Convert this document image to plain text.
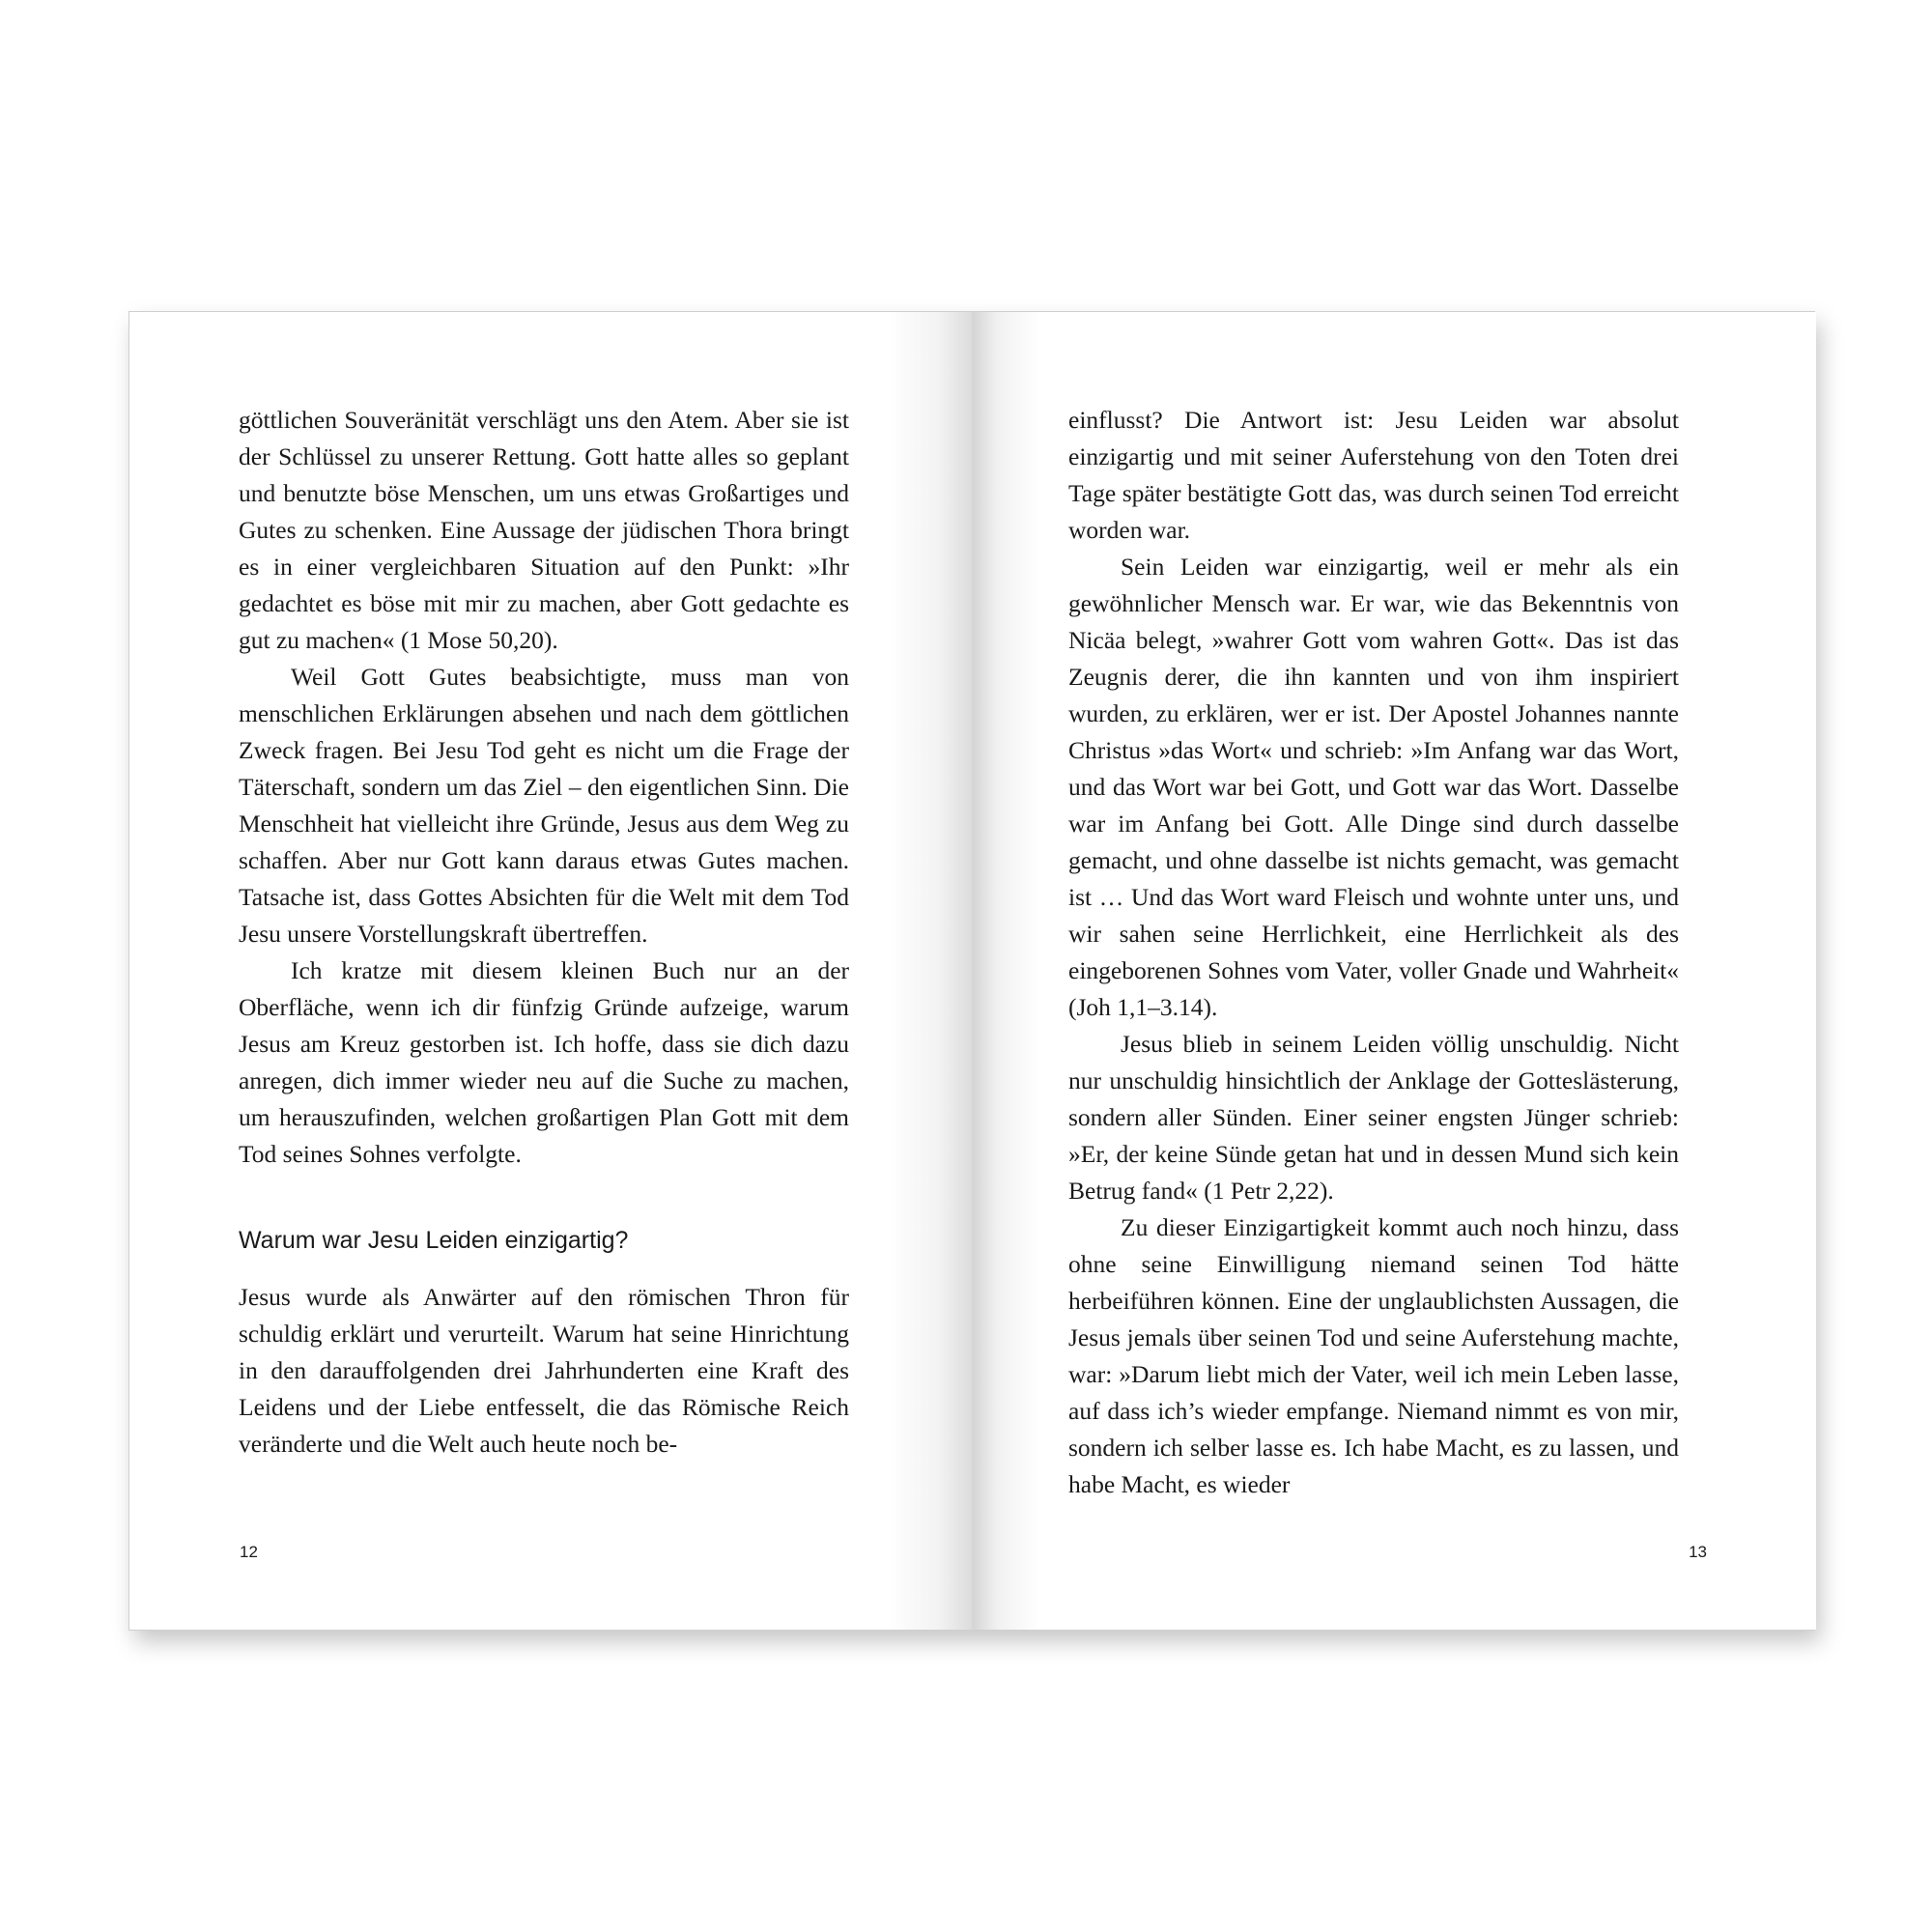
göttlichen Souveränität verschlägt uns den Atem. Aber sie ist der Schlüssel zu unserer Rettung. Gott hatte alles so geplant und benutzte böse Menschen, um uns etwas Großartiges und Gutes zu schenken. Eine Aussage der jüdischen Thora bringt es in einer vergleichbaren Situation auf den Punkt: »Ihr gedachtet es böse mit mir zu machen, aber Gott gedachte es gut zu machen« (1 Mose 50,20).

Weil Gott Gutes beabsichtigte, muss man von menschlichen Erklärungen absehen und nach dem göttlichen Zweck fragen. Bei Jesu Tod geht es nicht um die Frage der Täterschaft, sondern um das Ziel – den eigentlichen Sinn. Die Menschheit hat vielleicht ihre Gründe, Jesus aus dem Weg zu schaffen. Aber nur Gott kann daraus etwas Gutes machen. Tatsache ist, dass Gottes Absichten für die Welt mit dem Tod Jesu unsere Vorstellungskraft übertreffen.

Ich kratze mit diesem kleinen Buch nur an der Oberfläche, wenn ich dir fünfzig Gründe aufzeige, warum Jesus am Kreuz gestorben ist. Ich hoffe, dass sie dich dazu anregen, dich immer wieder neu auf die Suche zu machen, um herauszufinden, welchen großartigen Plan Gott mit dem Tod seines Sohnes verfolgte.

Warum war Jesu Leiden einzigartig?

Jesus wurde als Anwärter auf den römischen Thron für schuldig erklärt und verurteilt. Warum hat seine Hinrichtung in den darauffolgenden drei Jahrhunderten eine Kraft des Leidens und der Liebe entfesselt, die das Römische Reich veränderte und die Welt auch heute noch be-

12

einflusst? Die Antwort ist: Jesu Leiden war absolut einzigartig und mit seiner Auferstehung von den Toten drei Tage später bestätigte Gott das, was durch seinen Tod erreicht worden war.

Sein Leiden war einzigartig, weil er mehr als ein gewöhnlicher Mensch war. Er war, wie das Bekenntnis von Nicäa belegt, »wahrer Gott vom wahren Gott«. Das ist das Zeugnis derer, die ihn kannten und von ihm inspiriert wurden, zu erklären, wer er ist. Der Apostel Johannes nannte Christus »das Wort« und schrieb: »Im Anfang war das Wort, und das Wort war bei Gott, und Gott war das Wort. Dasselbe war im Anfang bei Gott. Alle Dinge sind durch dasselbe gemacht, und ohne dasselbe ist nichts gemacht, was gemacht ist … Und das Wort ward Fleisch und wohnte unter uns, und wir sahen seine Herrlichkeit, eine Herrlichkeit als des eingeborenen Sohnes vom Vater, voller Gnade und Wahrheit« (Joh 1,1–3.14).

Jesus blieb in seinem Leiden völlig unschuldig. Nicht nur unschuldig hinsichtlich der Anklage der Gotteslästerung, sondern aller Sünden. Einer seiner engsten Jünger schrieb: »Er, der keine Sünde getan hat und in dessen Mund sich kein Betrug fand« (1 Petr 2,22).

Zu dieser Einzigartigkeit kommt auch noch hinzu, dass ohne seine Einwilligung niemand seinen Tod hätte herbeiführen können. Eine der unglaublichsten Aussagen, die Jesus jemals über seinen Tod und seine Auferstehung machte, war: »Darum liebt mich der Vater, weil ich mein Leben lasse, auf dass ich’s wieder empfange. Niemand nimmt es von mir, sondern ich selber lasse es. Ich habe Macht, es zu lassen, und habe Macht, es wieder

13
